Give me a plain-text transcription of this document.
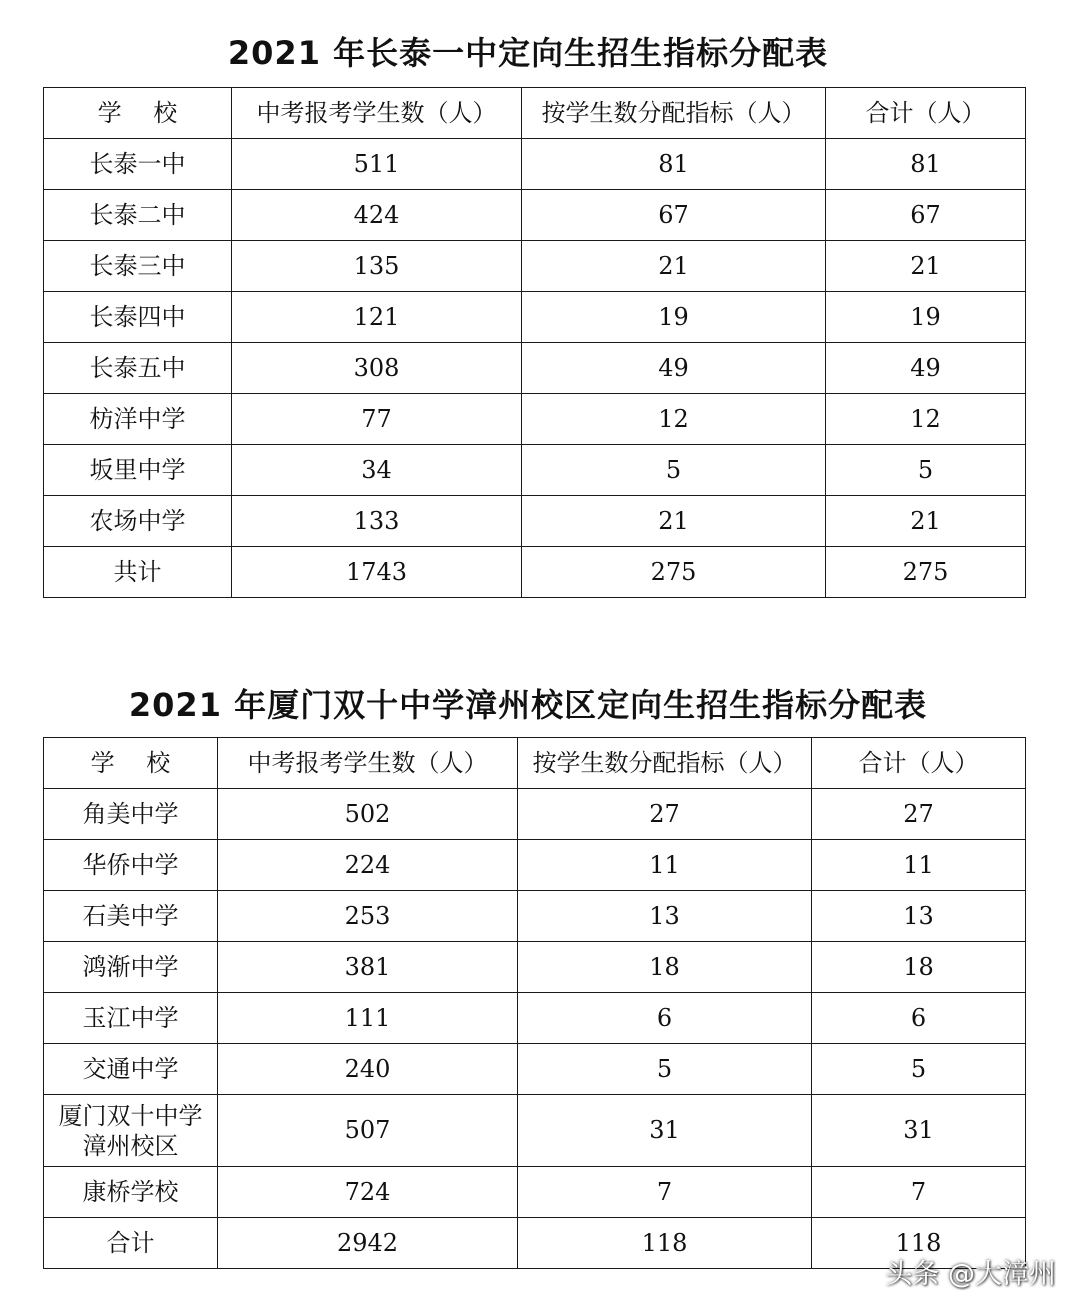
2021 年长泰一中定向生招生指标分配表
学　 校	中考报考学生数（人）	按学生数分配指标（人）	合计（人）
长泰一中	511	81	81
长泰二中	424	67	67
长泰三中	135	21	21
长泰四中	121	19	19
长泰五中	308	49	49
枋洋中学	77	12	12
坂里中学	34	5	5
农场中学	133	21	21
共计	1743	275	275
2021 年厦门双十中学漳州校区定向生招生指标分配表
学　 校	中考报考学生数（人）	按学生数分配指标（人）	合计（人）
角美中学	502	27	27
华侨中学	224	11	11
石美中学	253	13	13
鸿渐中学	381	18	18
玉江中学	111	6	6
交通中学	240	5	5
厦门双十中学漳州校区	507	31	31
康桥学校	724	7	7
合计	2942	118	118
头条 @大漳州
